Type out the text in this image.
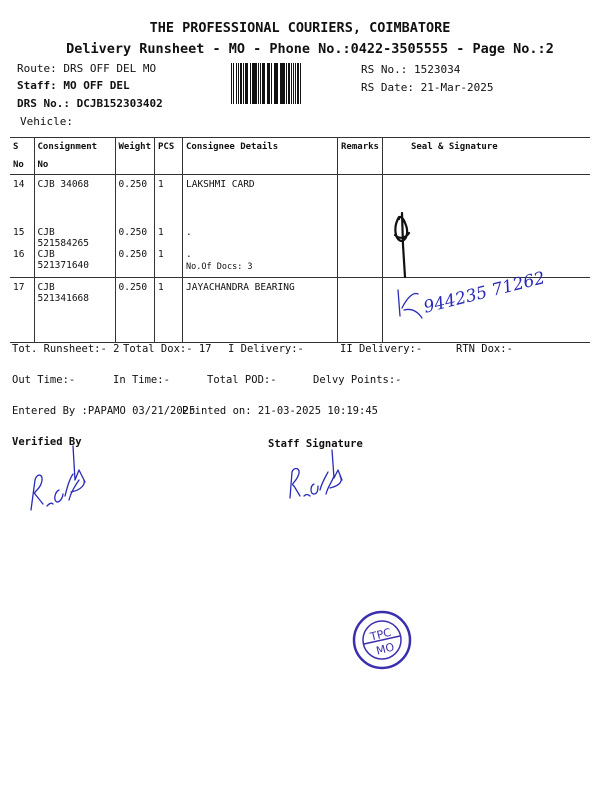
THE PROFESSIONAL COURIERS, COIMBATORE
Delivery Runsheet - MO - Phone No.:0422-3505555 - Page No.:2
Route: DRS OFF DEL MO
Staff: MO OFF DEL
DRS No.: DCJB152303402
Vehicle:
RS No.: 1523034
RS Date: 21-Mar-2025
S No	Consignment No	Weight	PCS	Consignee Details	Remarks	Seal & Signature
14	CJB 34068	0.250	1	LAKSHMI CARD		
15	CJB 521584265	0.250	1	.		
16	CJB 521371640	0.250	1	.
No.Of Docs: 3		

17	CJB 521341668	0.250	1	JAYACHANDRA BEARING			944235 71262
Tot. Runsheet:- 2 Total Dox:- 17 I Delivery:-	II Delivery:-	RTN Dox:-
Out Time:-	In Time:-	Total POD:-	Delvy Points:-
Entered By :PAPAMO 03/21/2025
Printed on: 21-03-2025 10:19:45
Verified By	Staff Signature
TPC
MO
